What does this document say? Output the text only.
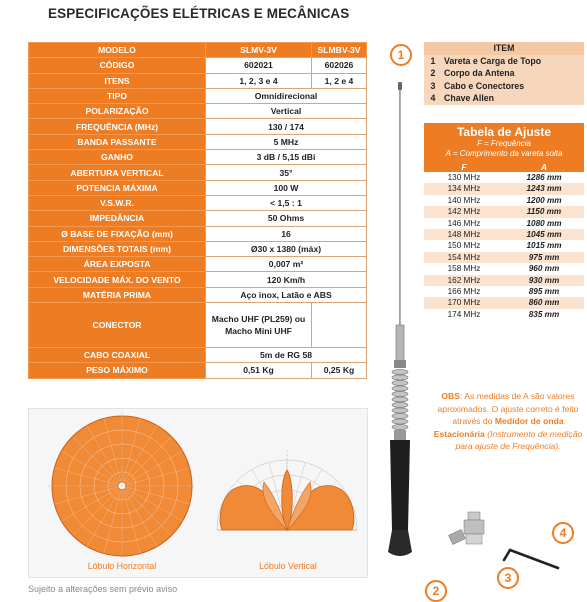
ESPECIFICAÇÕES ELÉTRICAS E MECÂNICAS
MODELO	SLMV-3V	SLMBV-3V
CÓDIGO	602021	602026
ITENS	1, 2, 3 e 4	1, 2 e 4
TIPO	Omnidirecional	
POLARIZAÇÃO	Vertical	
FREQUÊNCIA (MHz)	130 / 174	
BANDA PASSANTE	5 MHz	
GANHO	3 dB / 5,15 dBi	
ABERTURA VERTICAL	35°	
POTENCIA MÁXIMA	100 W	
V.S.W.R.	< 1,5 : 1	
IMPEDÂNCIA	50 Ohms	
Ø BASE DE FIXAÇÃO (mm)	16	
DIMENSÕES TOTAIS (mm)	Ø30 x 1380 (máx)	
ÁREA EXPOSTA	0,007 m²	
VELOCIDADE MÁX. DO VENTO	120 Km/h	
MATÉRIA PRIMA	Aço inox, Latão e ABS	
CONECTOR	Macho UHF (PL259) ou Macho Mini UHF	
CABO COAXIAL	5m de RG 58	
PESO MÁXIMO	0,51 Kg	0,25 Kg
Lóbulo Horizontal	Lóbulo Vertical
Sujeito a alterações sem prévio aviso
1
2
3
4
ITEM	
1	Vareta e Carga de Topo
2	Corpo da Antena
3	Cabo e Conectores
4	Chave Allen
Tabela de Ajuste
F = Frequência
A = Comprimento da vareta solta
F	A
130 MHz	1286 mm
134 MHz	1243 mm
140 MHz	1200 mm
142 MHz	1150 mm
146 MHz	1080 mm
148 MHz	1045 mm
150 MHz	1015 mm
154 MHz	975 mm
158 MHz	960 mm
162 MHz	930 mm
166 MHz	895 mm
170 MHz	860 mm
174 MHz	835 mm
OBS: As medidas de A são valores aproximados. O ajuste correto é feito através do Medidor de onda Estacionária (Instrumento de medição para ajuste de Frequência).
